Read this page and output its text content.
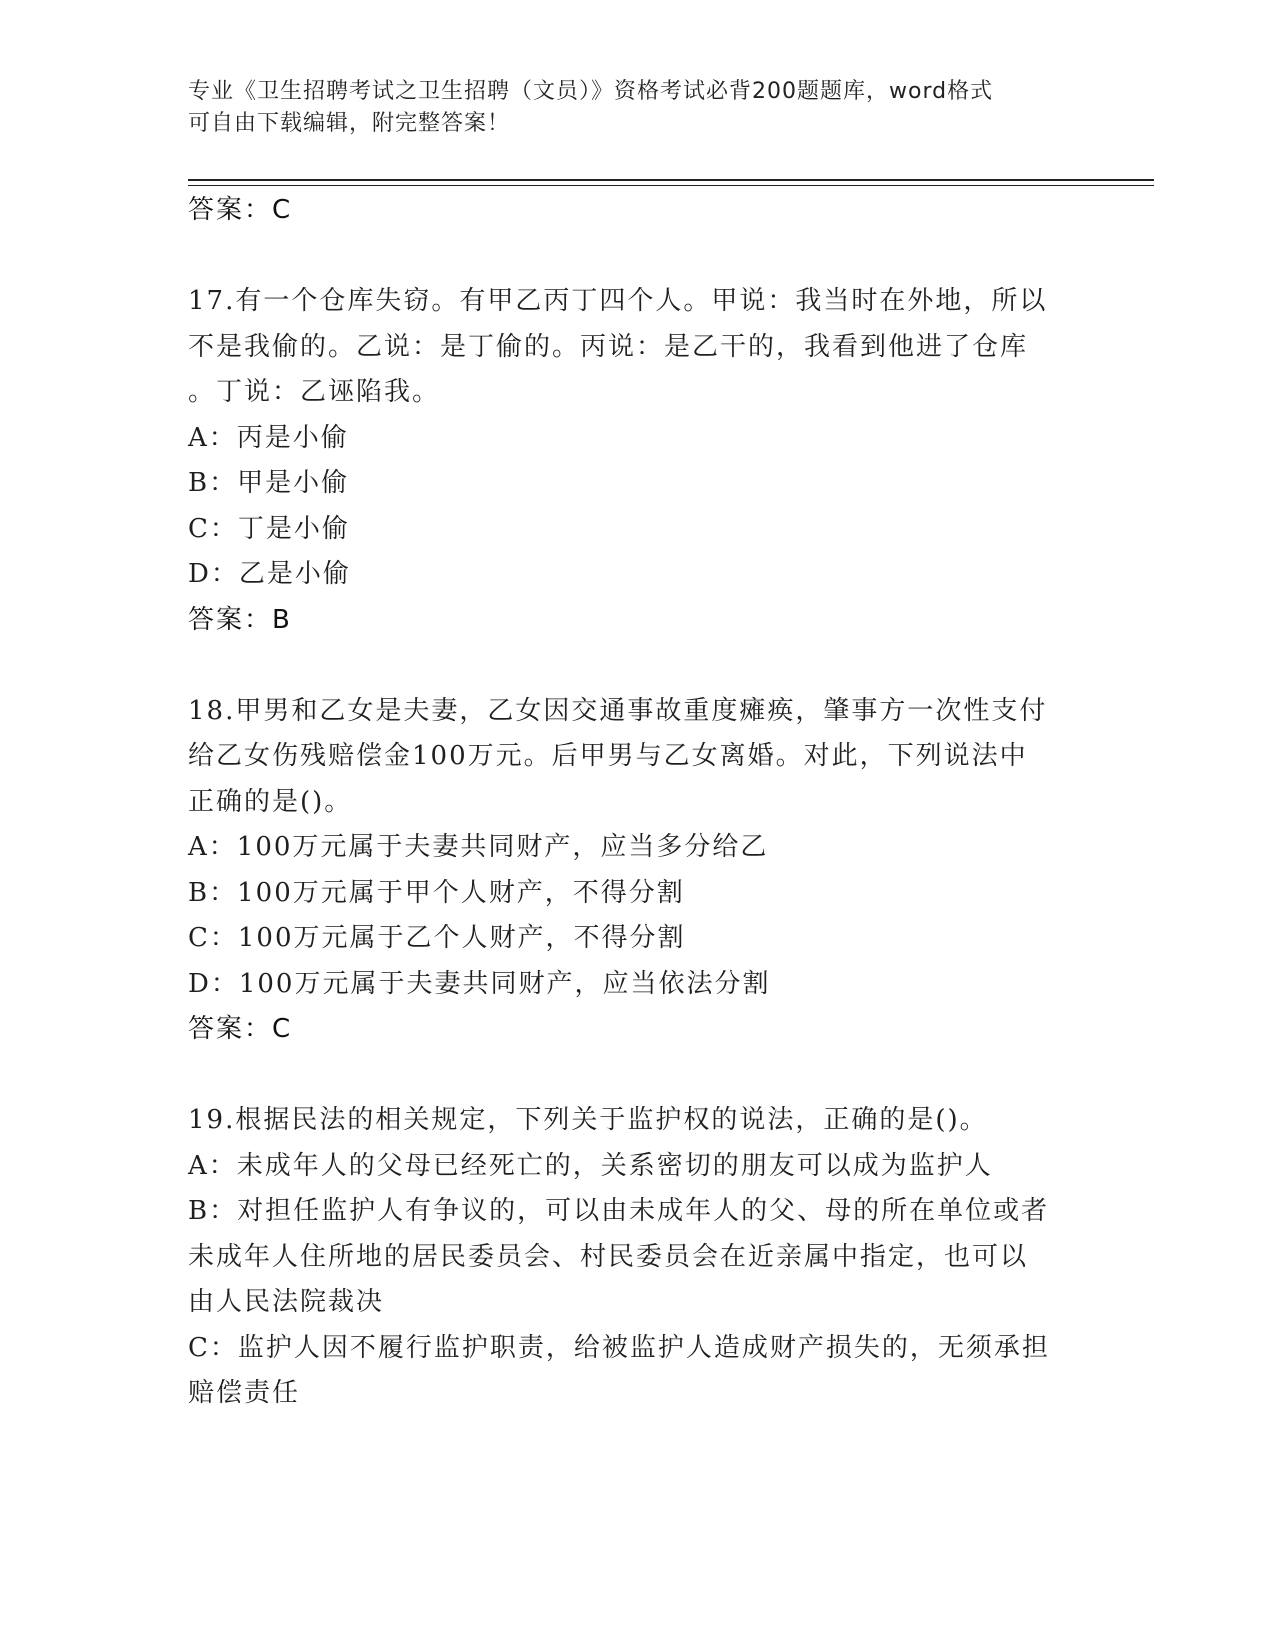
专业《卫生招聘考试之卫生招聘（文员）》资格考试必背200题题库，word格式
可自由下载编辑，附完整答案！
答案：C
17.有一个仓库失窃。有甲乙丙丁四个人。甲说：我当时在外地，所以
不是我偷的。乙说：是丁偷的。丙说：是乙干的，我看到他进了仓库
。丁说：乙诬陷我。
A：丙是小偷
B：甲是小偷
C：丁是小偷
D：乙是小偷
答案：B
18.甲男和乙女是夫妻，乙女因交通事故重度瘫痪，肇事方一次性支付
给乙女伤残赔偿金100万元。后甲男与乙女离婚。对此，下列说法中
正确的是()。
A：100万元属于夫妻共同财产，应当多分给乙
B：100万元属于甲个人财产，不得分割
C：100万元属于乙个人财产，不得分割
D：100万元属于夫妻共同财产，应当依法分割
答案：C
19.根据民法的相关规定，下列关于监护权的说法，正确的是()。
A：未成年人的父母已经死亡的，关系密切的朋友可以成为监护人
B：对担任监护人有争议的，可以由未成年人的父、母的所在单位或者
未成年人住所地的居民委员会、村民委员会在近亲属中指定，也可以
由人民法院裁决
C：监护人因不履行监护职责，给被监护人造成财产损失的，无须承担
赔偿责任
